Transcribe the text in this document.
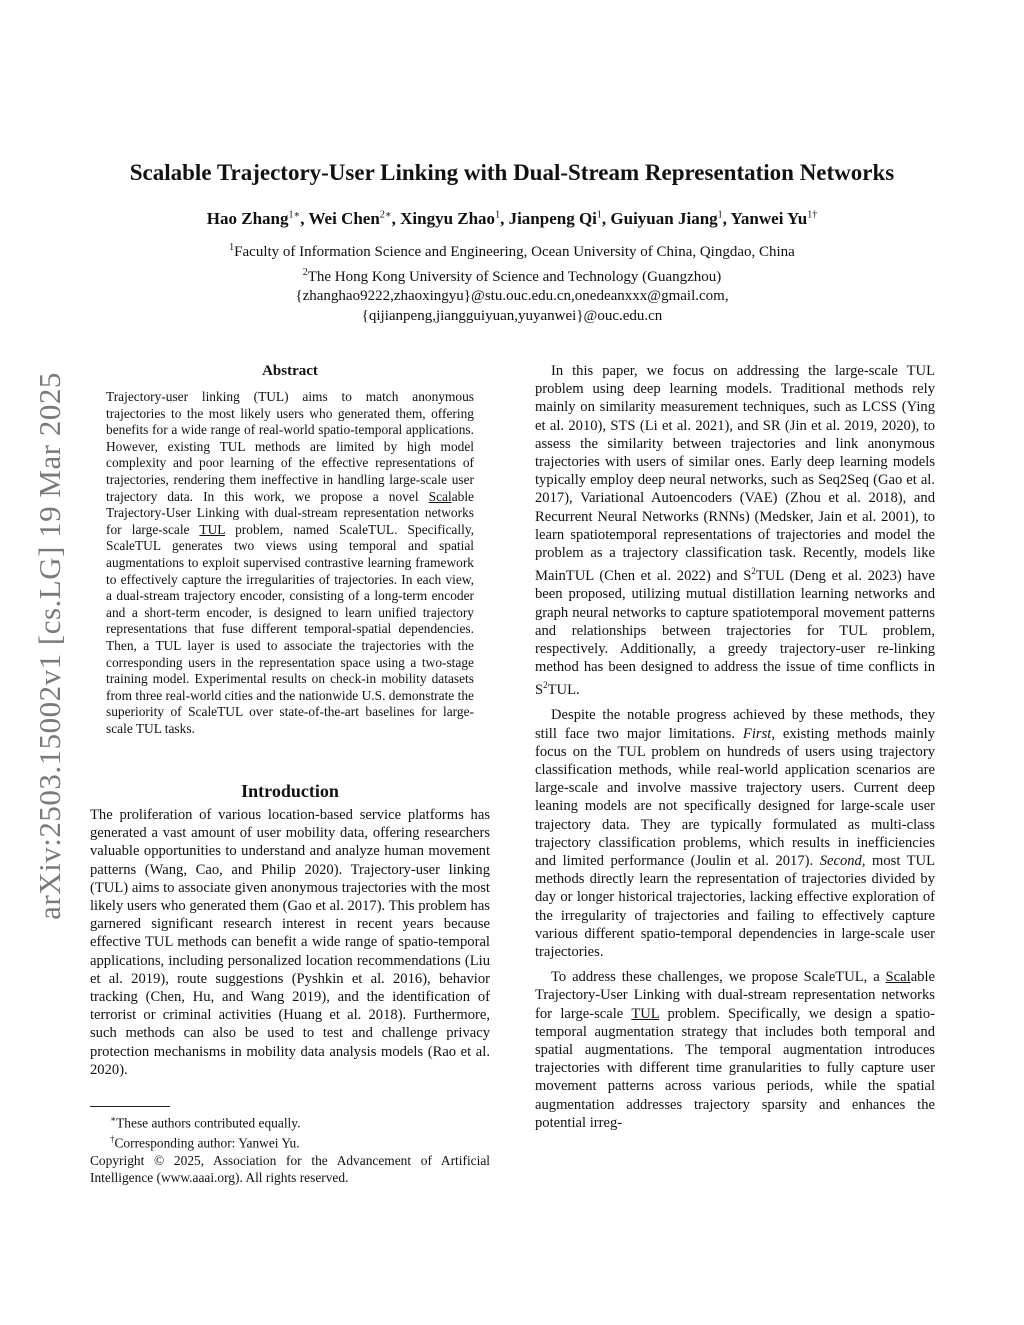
arXiv:2503.15002v1 [cs.LG] 19 Mar 2025
Scalable Trajectory-User Linking with Dual-Stream Representation Networks
Hao Zhang$^{1∗}$, Wei Chen$^{2∗}$, Xingyu Zhao$^1$, Jianpeng Qi$^1$, Guiyuan Jiang$^1$, Yanwei $Yu^{1\dagger}$
$^1$Faculty of Information Science and Engineering, Ocean University of China, Qingdao, China
$^2$The Hong Kong University of Science and Technology (Guangzhou)
{zhanghao9222,zhaoxingyu}@stu.ouc.edu.cn,onedeanxxx@gmail.com,
{qijianpeng,jiangguiyuan,yuyanwei}@ouc.edu.cn
Abstract
Trajectory-user linking (TUL) aims to match anonymous trajectories to the most likely users who generated them, offering benefits for a wide range of real-world spatio-temporal applications. However, existing TUL methods are limited by high model complexity and poor learning of the effective representations of trajectories, rendering them ineffective in handling large-scale user trajectory data. In this work, we propose a novel Scalable Trajectory-User Linking with dual-stream representation networks for large-scale TUL problem, named ScaleTUL. Specifically, ScaleTUL generates two views using temporal and spatial augmentations to exploit supervised contrastive learning framework to effectively capture the irregularities of trajectories. In each view, a dual-stream trajectory encoder, consisting of a long-term encoder and a short-term encoder, is designed to learn unified trajectory representations that fuse different temporal-spatial dependencies. Then, a TUL layer is used to associate the trajectories with the corresponding users in the representation space using a two-stage training model. Experimental results on check-in mobility datasets from three real-world cities and the nationwide U.S. demonstrate the superiority of ScaleTUL over state-of-the-art baselines for large-scale TUL tasks.
Introduction
The proliferation of various location-based service platforms has generated a vast amount of user mobility data, offering researchers valuable opportunities to understand and analyze human movement patterns (Wang, Cao, and Philip 2020). Trajectory-user linking (TUL) aims to associate given anonymous trajectories with the most likely users who generated them (Gao et al. 2017). This problem has garnered significant research interest in recent years because effective TUL methods can benefit a wide range of spatio-temporal applications, including personalized location recommendations (Liu et al. 2019), route suggestions (Pyshkin et al. 2016), behavior tracking (Chen, Hu, and Wang 2019), and the identification of terrorist or criminal activities (Huang et al. 2018). Furthermore, such methods can also be used to test and challenge privacy protection mechanisms in mobility data analysis models (Rao et al. 2020).
∗These authors contributed equally.
†Corresponding author: Yanwei Yu.
Copyright © 2025, Association for the Advancement of Artificial Intelligence (www.aaai.org). All rights reserved.

In this paper, we focus on addressing the large-scale TUL problem using deep learning models. Traditional methods rely mainly on similarity measurement techniques, such as LCSS (Ying et al. 2010), STS (Li et al. 2021), and SR (Jin et al. 2019, 2020), to assess the similarity between trajectories and link anonymous trajectories with users of similar ones. Early deep learning models typically employ deep neural networks, such as Seq2Seq (Gao et al. 2017), Variational Autoencoders (VAE) (Zhou et al. 2018), and Recurrent Neural Networks (RNNs) (Medsker, Jain et al. 2001), to learn spatiotemporal representations of trajectories and model the problem as a trajectory classification task. Recently, models like MainTUL (Chen et al. 2022) and $S^2TUL$ (Deng et al. 2023) have been proposed, utilizing mutual distillation learning networks and graph neural networks to capture spatiotemporal movement patterns and relationships between trajectories for TUL problem, respectively. Additionally, a greedy trajectory-user re-linking method has been designed to address the issue of time conflicts in $S^2TUL$.

Despite the notable progress achieved by these methods, they still face two major limitations. First, existing methods mainly focus on the TUL problem on hundreds of users using trajectory classification methods, while real-world application scenarios are large-scale and involve massive trajectory users. Current deep leaning models are not specifically designed for large-scale user trajectory data. They are typically formulated as multi-class trajectory classification problems, which results in inefficiencies and limited performance (Joulin et al. 2017). Second, most TUL methods directly learn the representation of trajectories divided by day or longer historical trajectories, lacking effective exploration of the irregularity of trajectories and failing to effectively capture various different spatio-temporal dependencies in large-scale user trajectories.

To address these challenges, we propose ScaleTUL, a Scalable Trajectory-User Linking with dual-stream representation networks for large-scale TUL problem. Specifically, we design a spatio-temporal augmentation strategy that includes both temporal and spatial augmentations. The temporal augmentation introduces trajectories with different time granularities to fully capture user movement patterns across various periods, while the spatial augmentation addresses trajectory sparsity and enhances the potential irreg-
